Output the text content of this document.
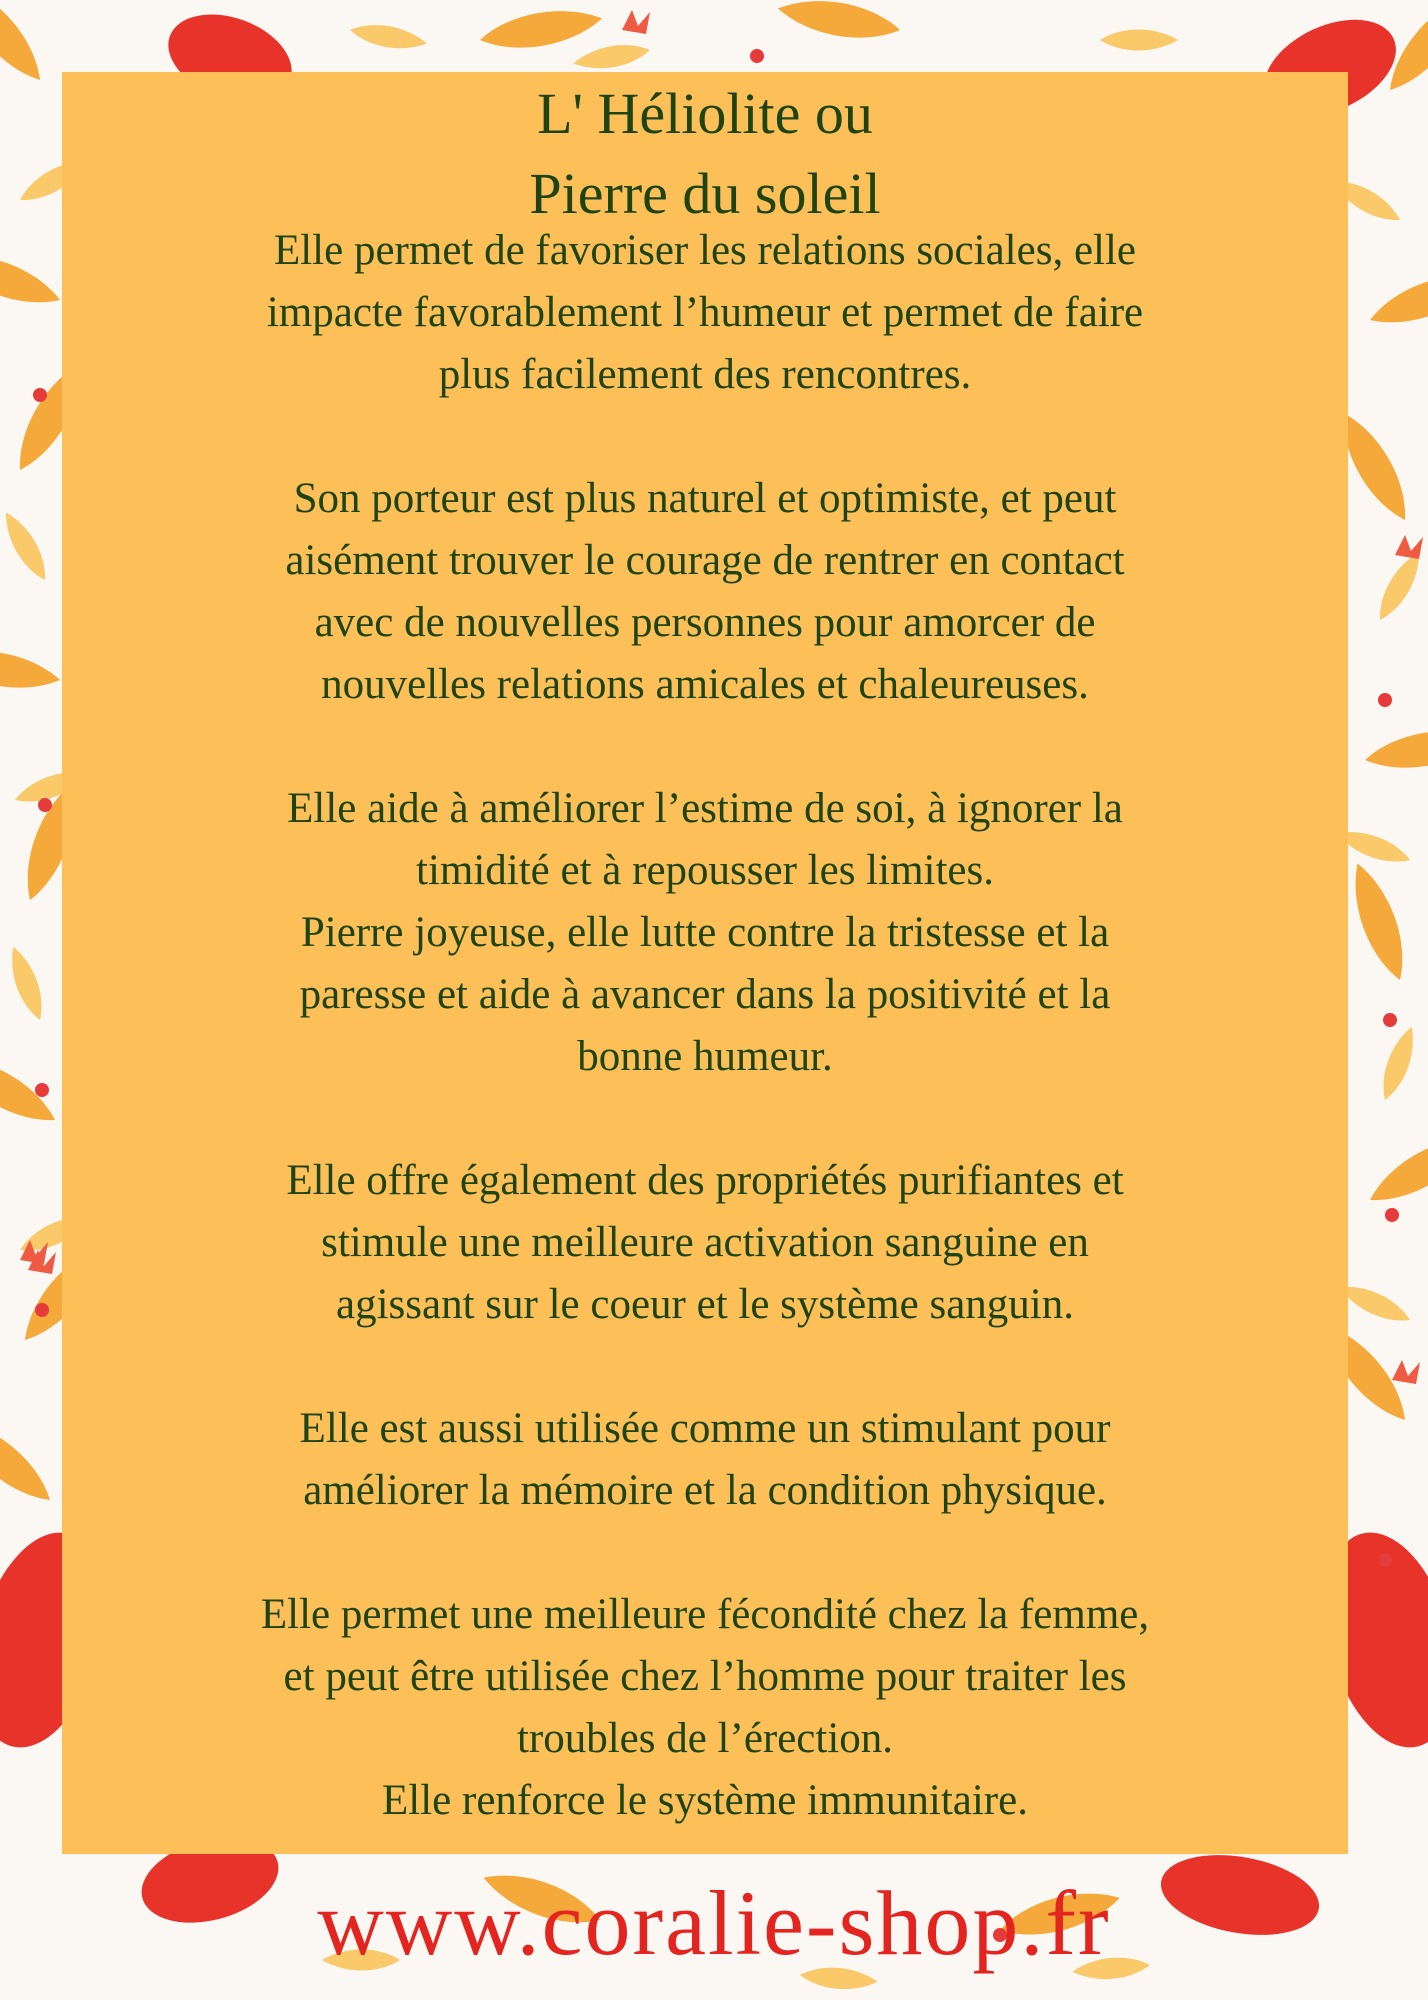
L' Héliolite ou
Pierre du soleil
Elle permet de favoriser les relations sociales, elle
impacte favorablement l’humeur et permet de faire
plus facilement des rencontres.
Son porteur est plus naturel et optimiste, et peut
aisément trouver le courage de rentrer en contact
avec de nouvelles personnes pour amorcer de
nouvelles relations amicales et chaleureuses.
Elle aide à améliorer l’estime de soi, à ignorer la
timidité et à repousser les limites.
Pierre joyeuse, elle lutte contre la tristesse et la
paresse et aide à avancer dans la positivité et la
bonne humeur.
Elle offre également des propriétés purifiantes et
stimule une meilleure activation sanguine en
agissant sur le coeur et le système sanguin.
Elle est aussi utilisée comme un stimulant pour
améliorer la mémoire et la condition physique.
Elle permet une meilleure fécondité chez la femme,
et peut être utilisée chez l’homme pour traiter les
troubles de l’érection.
Elle renforce le système immunitaire.
www.coralie-shop.fr
